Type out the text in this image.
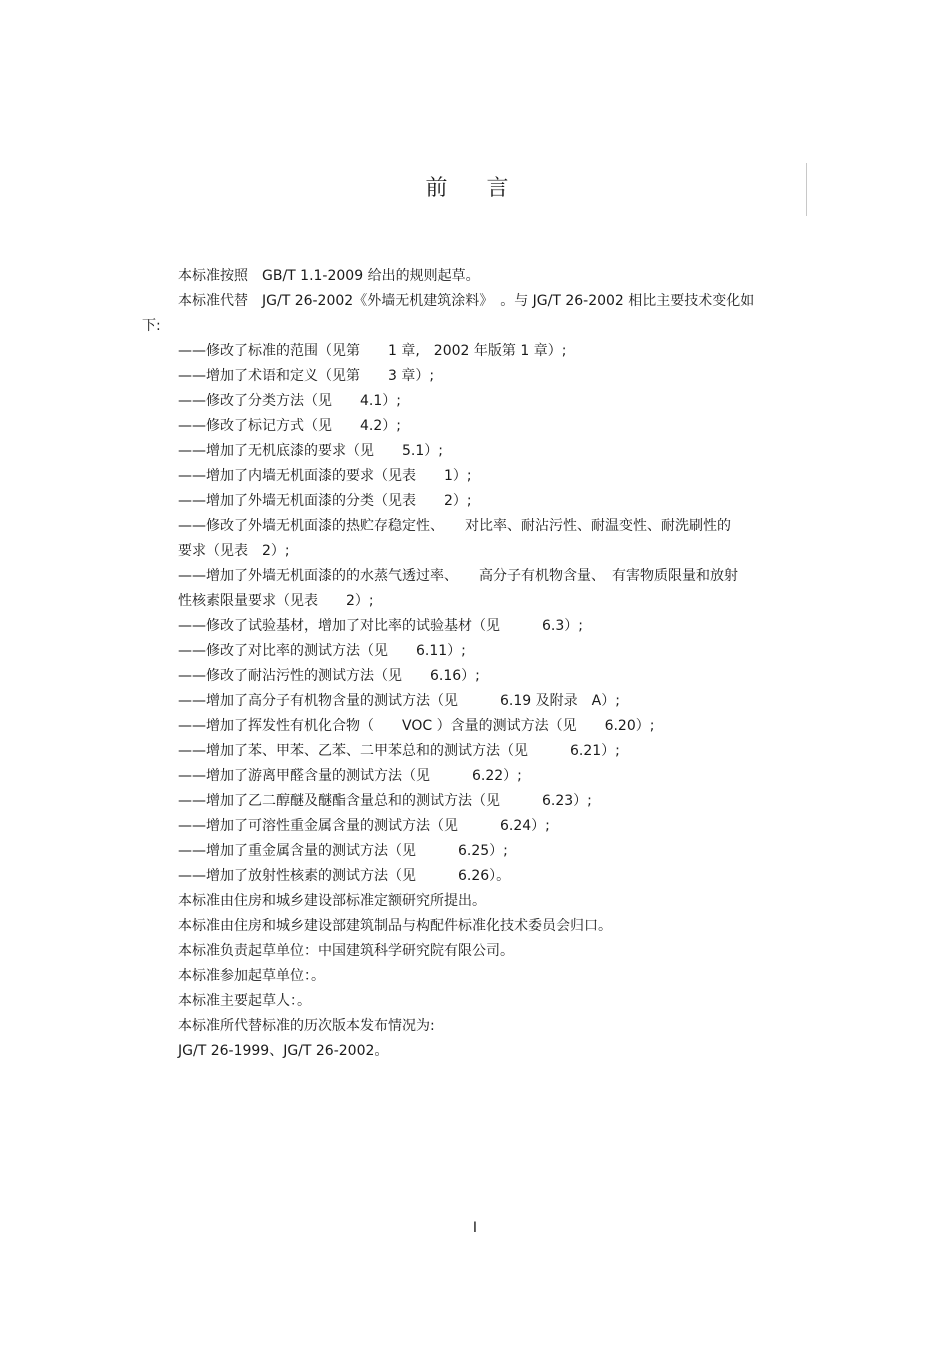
前 言
本标准按照　GB/T 1.1-2009 给出的规则起草。
本标准代替　JG/T 26-2002《外墙无机建筑涂料》　。与 JG/T 26-2002 相比主要技术变化如
下:
——修改了标准的范围（见第　　1 章,　2002 年版第 1 章）;
——增加了术语和定义（见第　　3 章）;
——修改了分类方法（见　　4.1）;
——修改了标记方式（见　　4.2）;
——增加了无机底漆的要求（见　　5.1）;
——增加了内墙无机面漆的要求（见表　　1）;
——增加了外墙无机面漆的分类（见表　　2）;
——修改了外墙无机面漆的热贮存稳定性、　　对比率、耐沾污性、耐温变性、耐洗刷性的
要求（见表　2）;
——增加了外墙无机面漆的的水蒸气透过率、　　高分子有机物含量、　有害物质限量和放射
性核素限量要求（见表　　2）;
——修改了试验基材，增加了对比率的试验基材（见　　　6.3）;
——修改了对比率的测试方法（见　　6.11）;
——修改了耐沾污性的测试方法（见　　6.16）;
——增加了高分子有机物含量的测试方法（见　　　6.19 及附录　A）;
——增加了挥发性有机化合物（　　VOC ）含量的测试方法（见　　6.20）;
——增加了苯、甲苯、乙苯、二甲苯总和的测试方法（见　　　6.21）;
——增加了游离甲醛含量的测试方法（见　　　6.22）;
——增加了乙二醇醚及醚酯含量总和的测试方法（见　　　6.23）;
——增加了可溶性重金属含量的测试方法（见　　　6.24）;
——增加了重金属含量的测试方法（见　　　6.25）;
——增加了放射性核素的测试方法（见　　　6.26）。
本标准由住房和城乡建设部标准定额研究所提出。
本标准由住房和城乡建设部建筑制品与构配件标准化技术委员会归口。
本标准负责起草单位：中国建筑科学研究院有限公司。
本标准参加起草单位：。
本标准主要起草人：。
本标准所代替标准的历次版本发布情况为:
JG/T 26-1999、JG/T 26-2002。
I
